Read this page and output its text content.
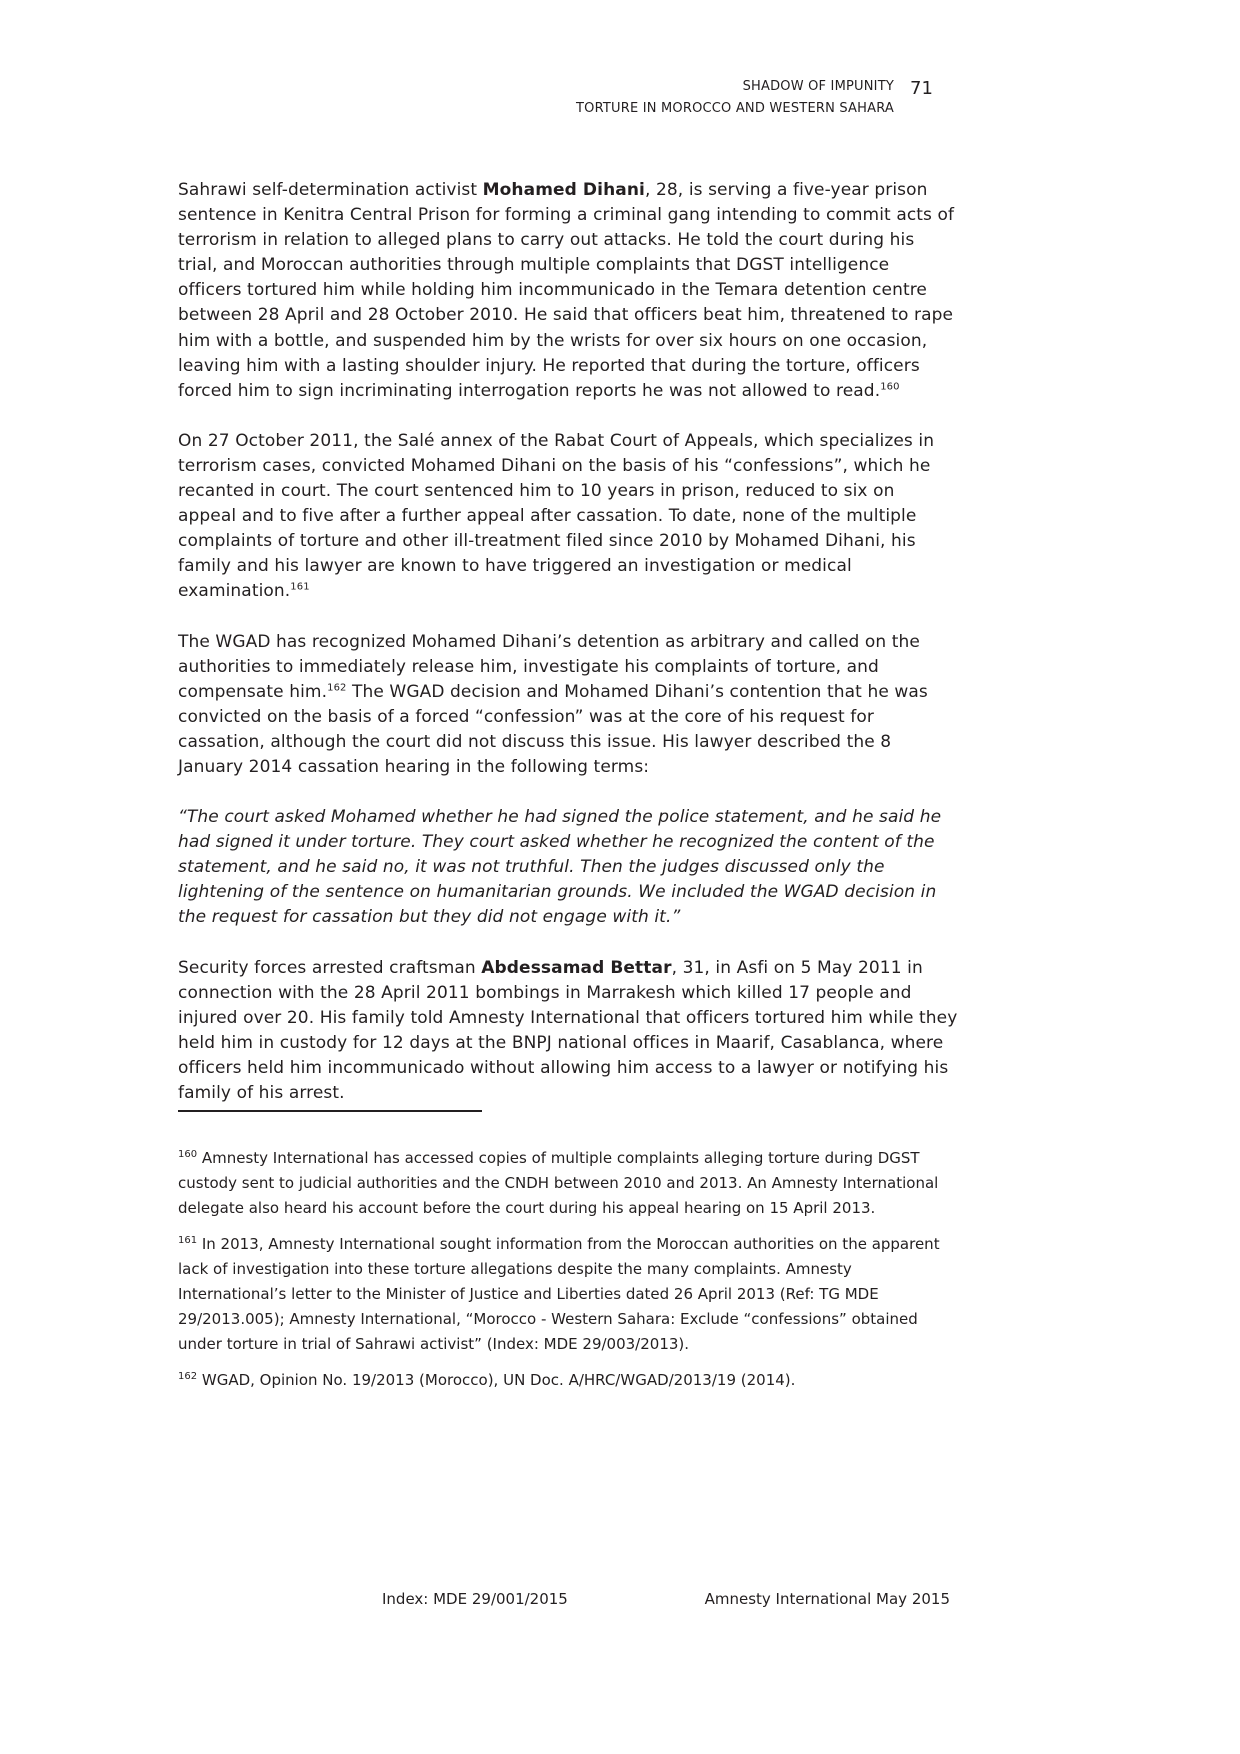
SHADOW OF IMPUNITY
TORTURE IN MOROCCO AND WESTERN SAHARA
71

Sahrawi self-determination activist Mohamed Dihani, 28, is serving a five-year prison sentence in Kenitra Central Prison for forming a criminal gang intending to commit acts of terrorism in relation to alleged plans to carry out attacks. He told the court during his trial, and Moroccan authorities through multiple complaints that DGST intelligence officers tortured him while holding him incommunicado in the Temara detention centre between 28 April and 28 October 2010. He said that officers beat him, threatened to rape him with a bottle, and suspended him by the wrists for over six hours on one occasion, leaving him with a lasting shoulder injury. He reported that during the torture, officers forced him to sign incriminating interrogation reports he was not allowed to read.$^{160}$

On 27 October 2011, the Salé annex of the Rabat Court of Appeals, which specializes in terrorism cases, convicted Mohamed Dihani on the basis of his “confessions”, which he recanted in court. The court sentenced him to 10 years in prison, reduced to six on appeal and to five after a further appeal after cassation. To date, none of the multiple complaints of torture and other ill-treatment filed since 2010 by Mohamed Dihani, his family and his lawyer are known to have triggered an investigation or medical examination.$^{161}$

The WGAD has recognized Mohamed Dihani’s detention as arbitrary and called on the authorities to immediately release him, investigate his complaints of torture, and compensate him.$^{162}$ The WGAD decision and Mohamed Dihani’s contention that he was convicted on the basis of a forced “confession” was at the core of his request for cassation, although the court did not discuss this issue. His lawyer described the 8 January 2014 cassation hearing in the following terms:

“The court asked Mohamed whether he had signed the police statement, and he said he had signed it under torture. They court asked whether he recognized the content of the statement, and he said no, it was not truthful. Then the judges discussed only the lightening of the sentence on humanitarian grounds. We included the WGAD decision in the request for cassation but they did not engage with it.”

Security forces arrested craftsman Abdessamad Bettar, 31, in Asfi on 5 May 2011 in connection with the 28 April 2011 bombings in Marrakesh which killed 17 people and injured over 20. His family told Amnesty International that officers tortured him while they held him in custody for 12 days at the BNPJ national offices in Maarif, Casablanca, where officers held him incommunicado without allowing him access to a lawyer or notifying his family of his arrest.

$^{160}$ Amnesty International has accessed copies of multiple complaints alleging torture during DGST custody sent to judicial authorities and the CNDH between 2010 and 2013. An Amnesty International delegate also heard his account before the court during his appeal hearing on 15 April 2013.

$^{161}$ In 2013, Amnesty International sought information from the Moroccan authorities on the apparent lack of investigation into these torture allegations despite the many complaints. Amnesty International’s letter to the Minister of Justice and Liberties dated 26 April 2013 (Ref: TG MDE 29/2013.005); Amnesty International, “Morocco - Western Sahara: Exclude “confessions” obtained under torture in trial of Sahrawi activist” (Index: MDE 29/003/2013).

$^{162}$ WGAD, Opinion No. 19/2013 (Morocco), UN Doc. A/HRC/WGAD/2013/19 (2014).

Index: MDE 29/001/2015	Amnesty International May 2015
